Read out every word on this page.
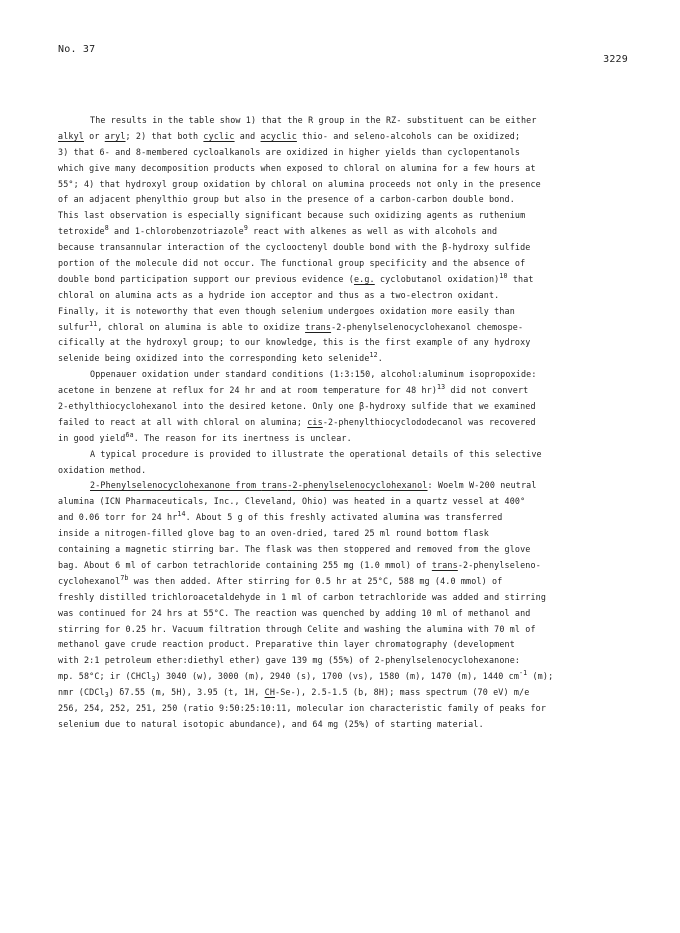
No. 37
3229
The results in the table show 1) that the R group in the RZ- substituent can be either
alkyl or aryl; 2) that both cyclic and acyclic thio- and seleno-alcohols can be oxidized;
3) that 6- and 8-membered cycloalkanols are oxidized in higher yields than cyclopentanols
which give many decomposition products when exposed to chloral on alumina for a few hours at
55°; 4) that hydroxyl group oxidation by chloral on alumina proceeds not only in the presence
of an adjacent phenylthio group but also in the presence of a carbon-carbon double bond.
This last observation is especially significant because such oxidizing agents as ruthenium
tetroxide$^8$ and 1-chlorobenzotriazole$^9$ react with alkenes as well as with alcohols and
because transannular interaction of the cyclooctenyl double bond with the β-hydroxy sulfide
portion of the molecule did not occur. The functional group specificity and the absence of
double bond participation support our previous evidence (e.g. cyclobutanol oxidation)$^{10}$ that
chloral on alumina acts as a hydride ion acceptor and thus as a two-electron oxidant.
Finally, it is noteworthy that even though selenium undergoes oxidation more easily than
sulfur$^{11}$, chloral on alumina is able to oxidize trans-2-phenylselenocyclohexanol chemospe-
cifically at the hydroxyl group; to our knowledge, this is the first example of any hydroxy
selenide being oxidized into the corresponding keto selenide$^{12}$.
Oppenauer oxidation under standard conditions (1:3:150, alcohol:aluminum isopropoxide:
acetone in benzene at reflux for 24 hr and at room temperature for 48 hr)$^{13}$ did not convert
2-ethylthiocyclohexanol into the desired ketone. Only one β-hydroxy sulfide that we examined
failed to react at all with chloral on alumina; cis-2-phenylthiocyclododecanol was recovered
in good yield$^{6a}$. The reason for its inertness is unclear.
A typical procedure is provided to illustrate the operational details of this selective
oxidation method.
2-Phenylselenocyclohexanone from trans-2-phenylselenocyclohexanol: Woelm W-200 neutral
alumina (ICN Pharmaceuticals, Inc., Cleveland, Ohio) was heated in a quartz vessel at 400°
and 0.06 torr for 24 $hr^{14}$. About 5 g of this freshly activated alumina was transferred
inside a nitrogen-filled glove bag to an oven-dried, tared 25 ml round bottom flask
containing a magnetic stirring bar. The flask was then stoppered and removed from the glove
bag. About 6 ml of carbon tetrachloride containing 255 mg (1.0 mmol) of trans-2-phenylseleno-
cyclohexanol$^{7b}$ was then added. After stirring for 0.5 hr at 25°C, 588 mg (4.0 mmol) of
freshly distilled trichloroacetaldehyde in 1 ml of carbon tetrachloride was added and stirring
was continued for 24 hrs at 55°C. The reaction was quenched by adding 10 ml of methanol and
stirring for 0.25 hr. Vacuum filtration through Celite and washing the alumina with 70 ml of
methanol gave crude reaction product. Preparative thin layer chromatography (development
with 2:1 petroleum ether:diethyl ether) gave 139 mg (55%) of 2-phenylselenocyclohexanone:
mp. 58°C; ir (CHCl$_3$) 3040 (w), 3000 (m), 2940 (s), 1700 (vs), 1580 (m), 1470 (m), 1440 $cm^{-1}$ (m);
nmr (CDCl$_3$) δ7.55 (m, 5H), 3.95 (t, 1H, CH-Se-), 2.5-1.5 (b, 8H); mass spectrum (70 eV) m/e
256, 254, 252, 251, 250 (ratio 9:50:25:10:11, molecular ion characteristic family of peaks for
selenium due to natural isotopic abundance), and 64 mg (25%) of starting material.
